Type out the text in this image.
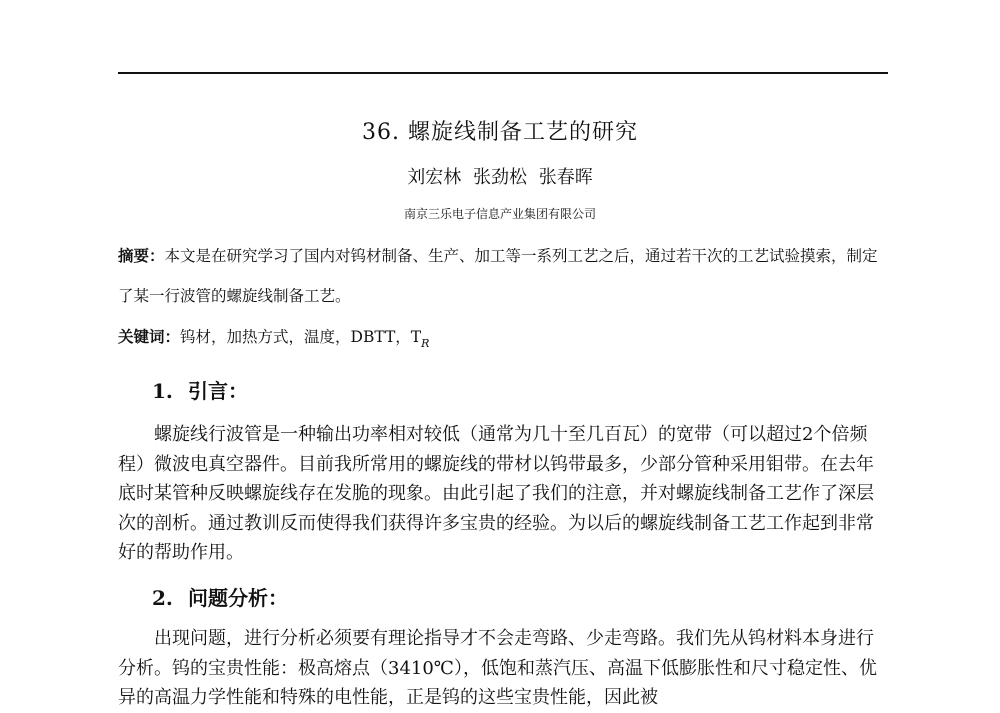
36. 螺旋线制备工艺的研究
刘宏林 张劲松 张春晖
南京三乐电子信息产业集团有限公司

摘要：本文是在研究学习了国内对钨材制备、生产、加工等一系列工艺之后，通过若干次的工艺试验摸索，制定了某一行波管的螺旋线制备工艺。

关键词：钨材，加热方式，温度，DBTT，$T_R$
1. 引言：

螺旋线行波管是一种输出功率相对较低（通常为几十至几百瓦）的宽带（可以超过2个倍频程）微波电真空器件。目前我所常用的螺旋线的带材以钨带最多，少部分管种采用钼带。在去年底时某管种反映螺旋线存在发脆的现象。由此引起了我们的注意，并对螺旋线制备工艺作了深层次的剖析。通过教训反而使得我们获得许多宝贵的经验。为以后的螺旋线制备工艺工作起到非常好的帮助作用。

2. 问题分析：

出现问题，进行分析必须要有理论指导才不会走弯路、少走弯路。我们先从钨材料本身进行分析。钨的宝贵性能：极高熔点（3410℃），低饱和蒸汽压、高温下低膨胀性和尺寸稳定性、优异的高温力学性能和特殊的电性能，正是钨的这些宝贵性能，因此被
